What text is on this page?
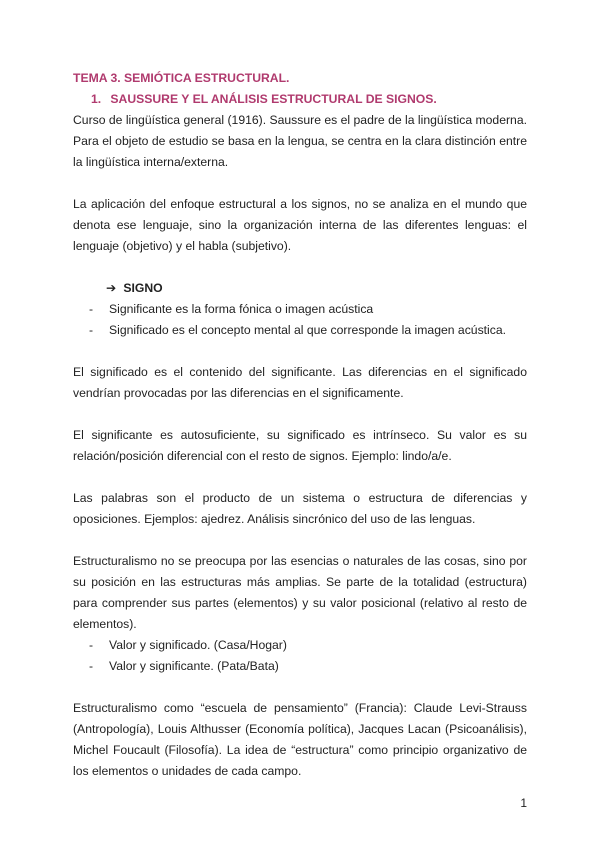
TEMA 3. SEMIÓTICA ESTRUCTURAL.
1. SAUSSURE Y EL ANÁLISIS ESTRUCTURAL DE SIGNOS.

Curso de lingüística general (1916). Saussure es el padre de la lingüística moderna. Para el objeto de estudio se basa en la lengua, se centra en la clara distinción entre la lingüística interna/externa.

La aplicación del enfoque estructural a los signos, no se analiza en el mundo que denota ese lenguaje, sino la organización interna de las diferentes lenguas: el lenguaje (objetivo) y el habla (subjetivo).

➔ SIGNO
- Significante es la forma fónica o imagen acústica
- Significado es el concepto mental al que corresponde la imagen acústica.

El significado es el contenido del significante. Las diferencias en el significado vendrían provocadas por las diferencias en el significamente.

El significante es autosuficiente, su significado es intrínseco. Su valor es su relación/posición diferencial con el resto de signos. Ejemplo: lindo/a/e.

Las palabras son el producto de un sistema o estructura de diferencias y oposiciones. Ejemplos: ajedrez. Análisis sincrónico del uso de las lenguas.

Estructuralismo no se preocupa por las esencias o naturales de las cosas, sino por su posición en las estructuras más amplias. Se parte de la totalidad (estructura) para comprender sus partes (elementos) y su valor posicional (relativo al resto de elementos).

- Valor y significado. (Casa/Hogar)
- Valor y significante. (Pata/Bata)

Estructuralismo como “escuela de pensamiento” (Francia): Claude Levi-Strauss (Antropología), Louis Althusser (Economía política), Jacques Lacan (Psicoanálisis), Michel Foucault (Filosofía). La idea de “estructura” como principio organizativo de los elementos o unidades de cada campo.

1
